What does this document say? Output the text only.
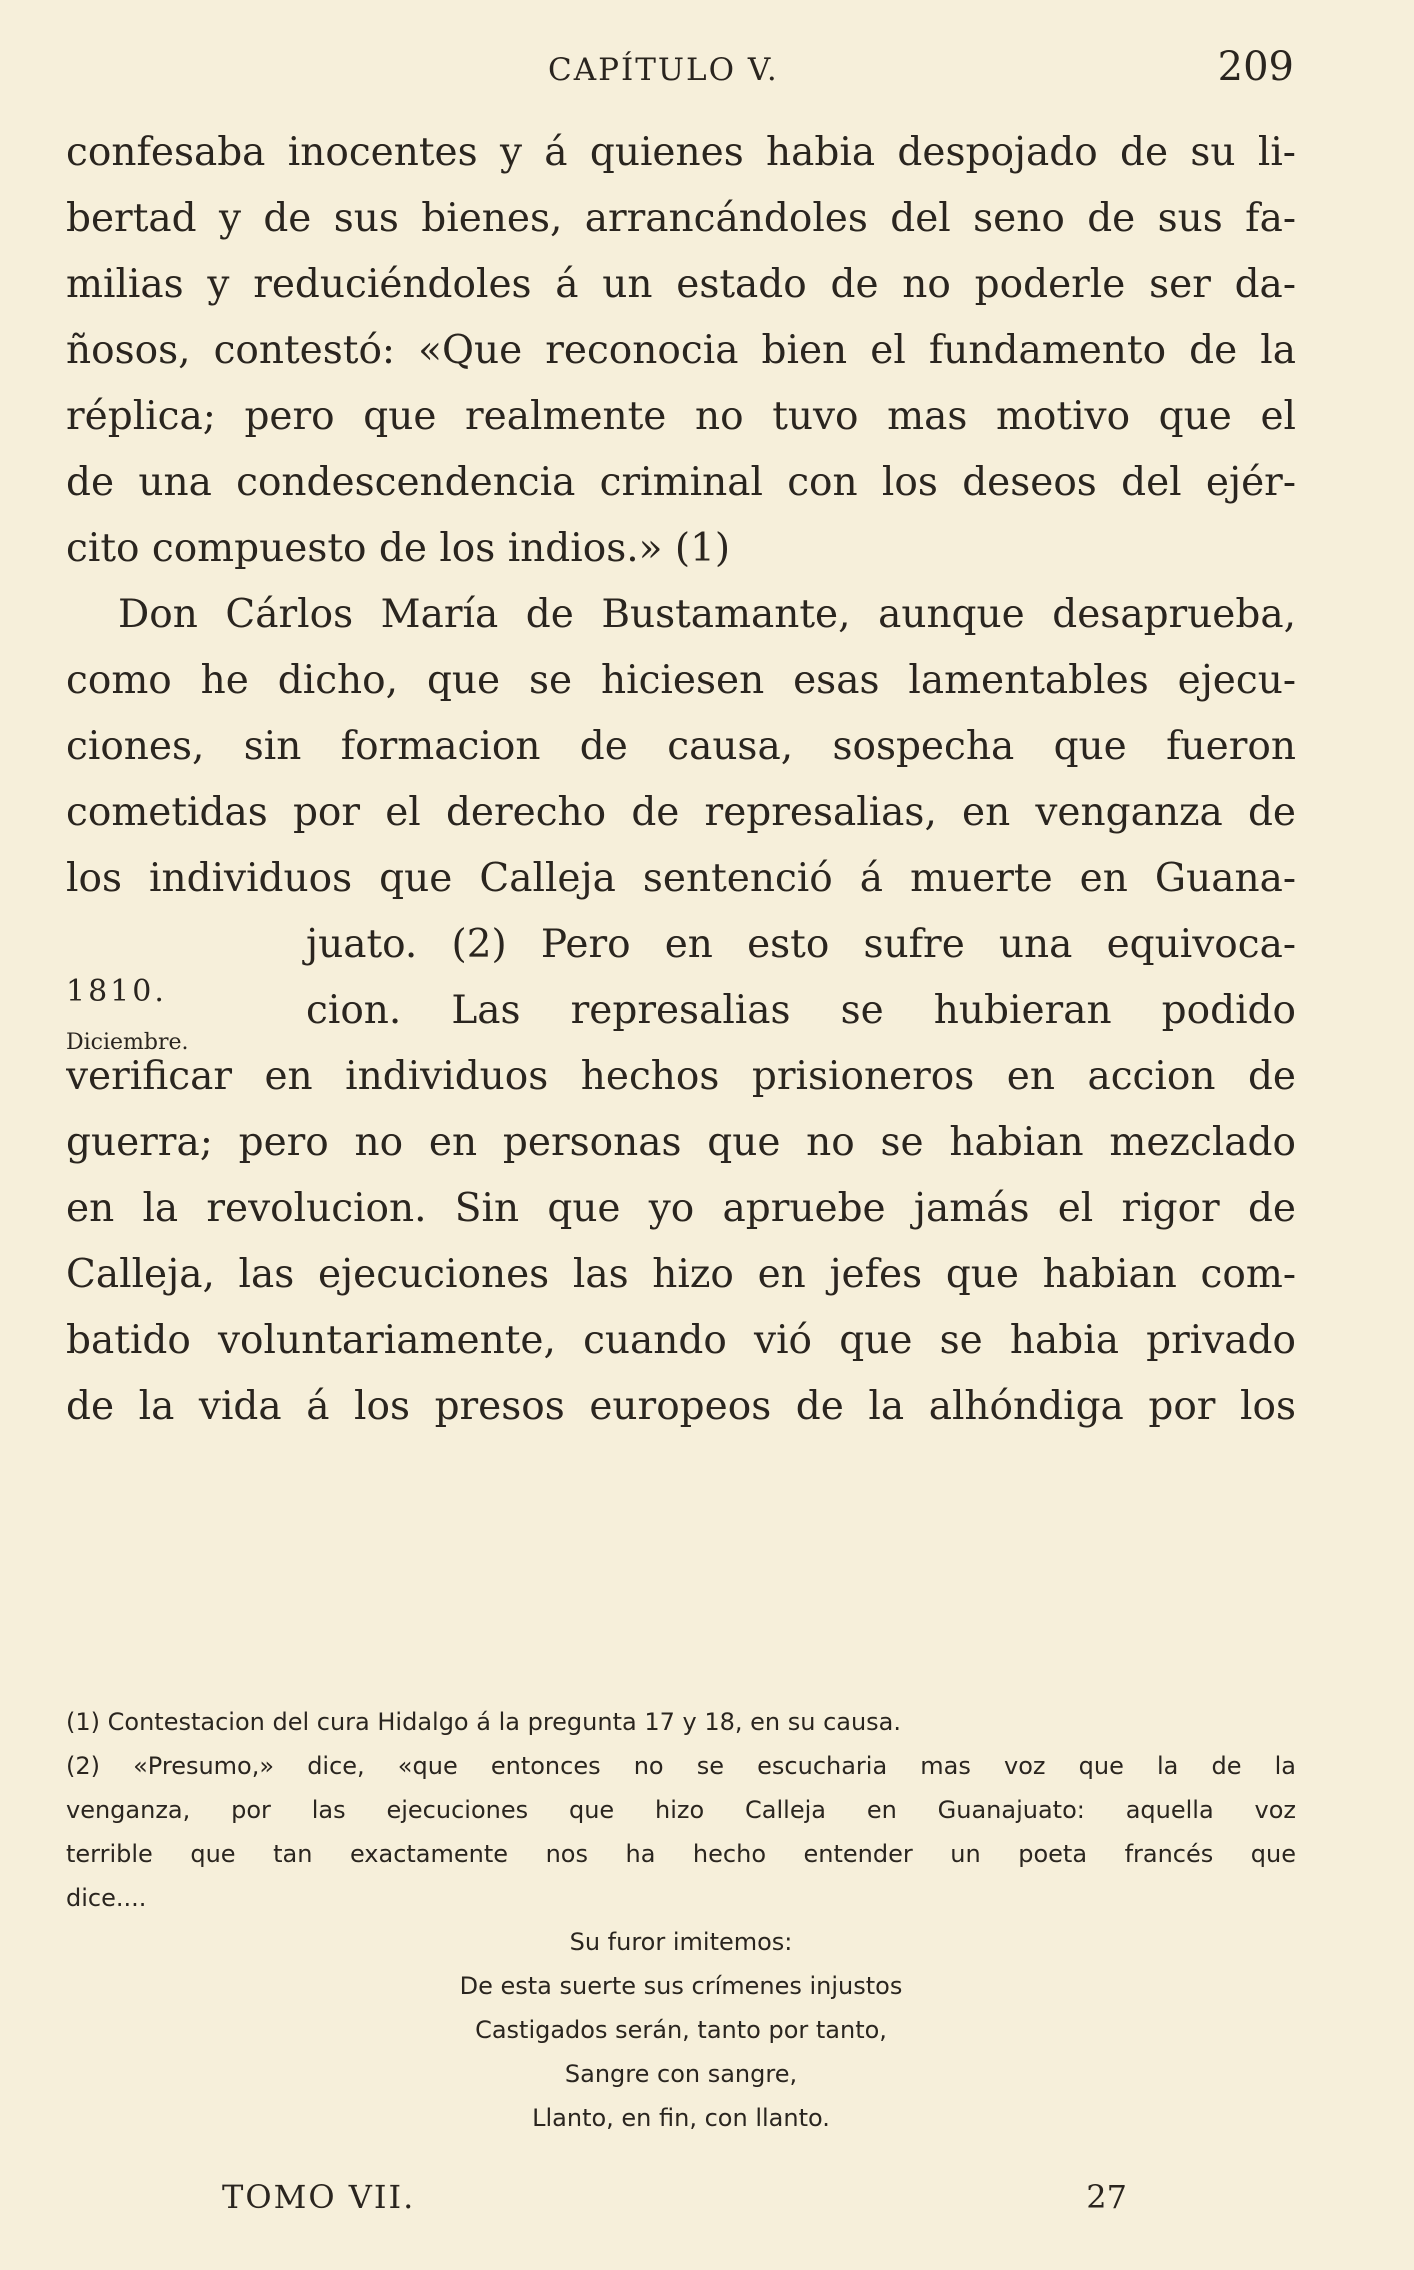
CAPÍTULO V.	209
confesaba inocentes y á quienes habia despojado de su li-
bertad y de sus bienes, arrancándoles del seno de sus fa-
milias y reduciéndoles á un estado de no poderle ser da-
ñosos, contestó: «Que reconocia bien el fundamento de la
réplica; pero que realmente no tuvo mas motivo que el
de una condescendencia criminal con los deseos del ejér-
cito compuesto de los indios.» (1)
Don Cárlos María de Bustamante, aunque desaprueba,
como he dicho, que se hiciesen esas lamentables ejecu-
ciones, sin formacion de causa, sospecha que fueron
cometidas por el derecho de represalias, en venganza de
los individuos que Calleja sentenció á muerte en Guana-
juato. (2) Pero en esto sufre una equivoca-
cion. Las represalias se hubieran podido
verificar en individuos hechos prisioneros en accion de
guerra; pero no en personas que no se habian mezclado
en la revolucion. Sin que yo apruebe jamás el rigor de
Calleja, las ejecuciones las hizo en jefes que habian com-
batido voluntariamente, cuando vió que se habia privado
de la vida á los presos europeos de la alhóndiga por los
1810.
Diciembre.
(1) Contestacion del cura Hidalgo á la pregunta 17 y 18, en su causa.
(2) «Presumo,» dice, «que entonces no se escucharia mas voz que la de la
venganza, por las ejecuciones que hizo Calleja en Guanajuato: aquella voz
terrible que tan exactamente nos ha hecho entender un poeta francés que
dice....
Su furor imitemos:
De esta suerte sus crímenes injustos
Castigados serán, tanto por tanto,
Sangre con sangre,
Llanto, en fin, con llanto.
TOMO VII.	27
